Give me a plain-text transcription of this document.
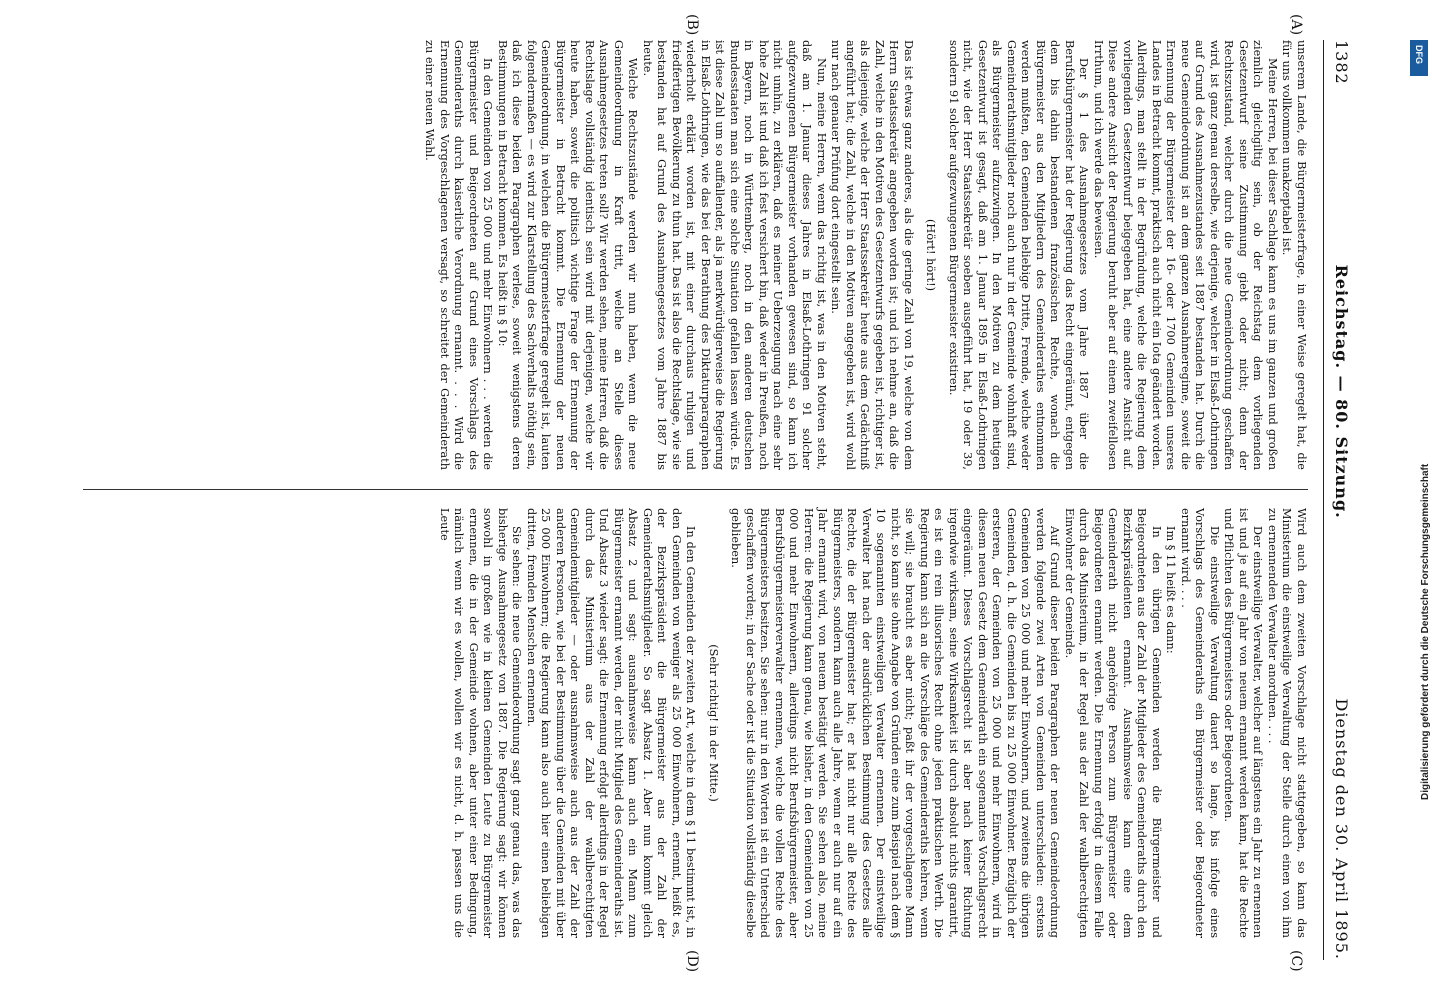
1382
Reichstag. — 80. Sitzung.
Dienstag den 30. April 1895.
(A)
(B)
(C)
(D)

unserem Lande, die Bürgermeisterfrage, in einer Weise geregelt hat, die für uns vollkommen unakzeptabel ist.

Meine Herren, bei dieser Sachlage kann es uns im ganzen und großen ziemlich gleichgiltig sein, ob der Reichstag dem vorliegenden Gesetzentwurf seine Zustimmung giebt oder nicht; denn der Rechtszustand, welcher durch die neue Gemeindeordnung geschaffen wird, ist ganz genau derselbe, wie derjenige, welcher in Elsaß-Lothringen auf Grund des Ausnahmezustandes seit 1887 bestanden hat. Durch die neue Gemeindeordnung ist an dem ganzen Ausnahmeregime, soweit die Ernennung der Bürgermeister der 16- oder 1700 Gemeinden unseres Landes in Betracht kommt, praktisch auch nicht ein Iota geändert worden. Allerdings, man stellt in der Begründung, welche die Regierung dem vorliegenden Gesetzentwurf beigegeben hat, eine andere Ansicht auf. Diese andere Ansicht der Regierung beruht aber auf einem zweifellosen Irrthum, und ich werde das beweisen.

Der § 1 des Ausnahmegesetzes vom Jahre 1887 über die Berufsbürgermeister hat der Regierung das Recht eingeräumt, entgegen dem bis dahin bestandenen französischen Rechte, wonach die Bürgermeister aus den Mitgliedern des Gemeinderathes entnommen werden mußten, den Gemeinden beliebige Dritte, Fremde, welche weder Gemeinderathsmitglieder noch auch nur in der Gemeinde wohnhaft sind, als Bürgermeister aufzuzwingen. In den Motiven zu dem heutigen Gesetzentwurf ist gesagt, daß am 1. Januar 1895 in Elsaß-Lothringen nicht, wie der Herr Staatssekretär soeben ausgeführt hat, 19 oder 39, sondern 91 solcher aufgezwungenen Bürgermeister existiren.

(Hört! hört!)

Das ist etwas ganz anderes, als die geringe Zahl von 19, welche von dem Herrn Staatssekretär angegeben worden ist; und ich nehme an, daß die Zahl, welche in den Motiven des Gesetzentwurfs gegeben ist, richtiger ist, als diejenige, welche der Herr Staatssekretär heute aus dem Gedächtniß angeführt hat; die Zahl, welche in den Motiven angegeben ist, wird wohl nur nach genauer Prüfung dort eingestellt sein.

Nun, meine Herren, wenn das richtig ist, was in den Motiven steht, daß am 1. Januar dieses Jahres in Elsaß-Lothringen 91 solcher aufgezwungenen Bürgermeister vorhanden gewesen sind, so kann ich nicht umhin, zu erklären, daß es meiner Ueberzeugung nach eine sehr hohe Zahl ist und daß ich fest versichert bin, daß weder in Preußen, noch in Bayern, noch in Württemberg, noch in den anderen deutschen Bundesstaaten man sich eine solche Situation gefallen lassen würde. Es ist diese Zahl um so auffallender, als ja merkwürdigerweise die Regierung in Elsaß-Lothringen, wie das bei der Berathung des Diktaturparagraphen wiederholt erklärt worden ist, mit einer durchaus ruhigen und friedfertigen Bevölkerung zu thun hat. Das ist also die Rechtslage, wie sie bestanden hat auf Grund des Ausnahmegesetzes vom Jahre 1887 bis heute.

Welche Rechtszustände werden wir nun haben, wenn die neue Gemeindeordnung in Kraft tritt, welche an Stelle dieses Ausnahmegesetzes treten soll? Wir werden sehen, meine Herren, daß die Rechtslage vollständig identisch sein wird mit derjenigen, welche wir heute haben, soweit die politisch wichtige Frage der Ernennung der Bürgermeister in Betracht kommt. Die Ernennung der neuen Gemeindeordnung, in welchen die Bürgermeisterfrage geregelt ist, lauten folgendermaßen — es wird zur Klarstellung des Sachverhalts nöthig sein, daß ich diese beiden Paragraphen verlese, soweit wenigstens deren Bestimmungen in Betracht kommen. Es heißt in § 10:

In den Gemeinden von 25 000 und mehr Einwohnern . . . werden die Bürgermeister und Beigeordneten auf Grund eines Vorschlags des Gemeinderaths durch kaiserliche Verordnung ernannt. . . . Wird die Ernennung des Vorgeschlagenen versagt, so schreitet der Gemeinderath zu einer neuen Wahl.

Wird auch dem zweiten Vorschlage nicht stattgegeben, so kann das Ministerium die einstweilige Verwaltung der Stelle durch einen von ihm zu ernennenden Verwalter anordnen. . . .

Der einstweilige Verwalter, welcher auf längstens ein Jahr zu ernennen ist und je auf ein Jahr von neuem ernannt werden kann, hat die Rechte und Pflichten des Bürgermeisters oder Beigeordneten.

Die einstweilige Verwaltung dauert so lange, bis infolge eines Vorschlags des Gemeinderaths ein Bürgermeister oder Beigeordneter ernannt wird. . . .

Im § 11 heißt es dann:

In den übrigen Gemeinden werden die Bürgermeister und Beigeordneten aus der Zahl der Mitglieder des Gemeinderaths durch den Bezirkspräsidenten ernannt. Ausnahmsweise kann eine dem Gemeinderath nicht angehörige Person zum Bürgermeister oder Beigeordneten ernannt werden. Die Ernennung erfolgt in diesem Falle durch das Ministerium, in der Regel aus der Zahl der wahlberechtigten Einwohner der Gemeinde.

Auf Grund dieser beiden Paragraphen der neuen Gemeindeordnung werden folgende zwei Arten von Gemeinden unterschieden: erstens Gemeinden von 25 000 und mehr Einwohnern, und zweitens die übrigen Gemeinden, d. h. die Gemeinden bis zu 25 000 Einwohner. Bezüglich der ersteren, der Gemeinden von 25 000 und mehr Einwohnern, wird in diesem neuen Gesetz dem Gemeinderath ein sogenanntes Vorschlagsrecht eingeräumt. Dieses Vorschlagsrecht ist aber nach keiner Richtung irgendwie wirksam, seine Wirksamkeit ist durch absolut nichts garantirt, es ist ein rein illusorisches Recht ohne jeden praktischen Werth. Die Regierung kann sich an die Vorschläge des Gemeinderaths kehren, wenn sie will; sie braucht es aber nicht; paßt ihr der vorgeschlagene Mann nicht, so kann sie ohne Angabe von Gründen eine zum Beispiel nach dem § 10 sogenannten einstweiligen Verwalter ernennen. Der einstweilige Verwalter hat nach der ausdrücklichen Bestimmung des Gesetzes alle Rechte, die der Bürgermeister hat; er hat nicht nur alle Rechte des Bürgermeisters, sondern kann auch alle Jahre, wenn er auch nur auf ein Jahr ernannt wird, von neuem bestätigt werden. Sie sehen also, meine Herren: die Regierung kann genau, wie bisher, in den Gemeinden von 25 000 und mehr Einwohnern, allerdings nicht Berufsbürgermeister, aber Berufsbürgermeisterverwalter ernennen, welche die vollen Rechte des Bürgermeisters besitzen. Sie sehen: nur in den Worten ist ein Unterschied geschaffen worden; in der Sache oder ist die Situation vollständig dieselbe geblieben.

(Sehr richtig! in der Mitte.)

In den Gemeinden der zweiten Art, welche in dem § 11 bestimmt ist, in den Gemeinden von weniger als 25 000 Einwohnern, ernennt, heißt es, der Bezirkspräsident die Bürgermeister aus der Zahl der Gemeinderathsmitglieder. So sagt Absatz 1. Aber nun kommt gleich Absatz 2 und sagt: ausnahmsweise kann auch ein Mann zum Bürgermeister ernannt werden, der nicht Mitglied des Gemeinderaths ist. Und Absatz 3 wieder sagt: die Ernennung erfolgt allerdings in der Regel durch das Ministerium aus der Zahl der wahlberechtigten Gemeindemitglieder — oder ausnahmsweise auch aus der Zahl der anderen Personen, wie bei der Bestimmung über die Gemeinden mit über 25 000 Einwohnern; die Regierung kann also auch hier einen beliebigen dritten, fremden Menschen ernennen.

Sie sehen: die neue Gemeindeordnung sagt ganz genau das, was das bisherige Ausnahmegesetz von 1887. Die Regierung sagt: wir können sowohl in großen wie in kleinen Gemeinden Leute zu Bürgermeister ernennen, die in der Gemeinde wohnen, aber unter einer Bedingung, nämlich wenn wir es wollen, wollen wir es nicht, d. h. passen uns die Leute

DFG
Digitalisierung gefördert durch die Deutsche Forschungsgemeinschaft
